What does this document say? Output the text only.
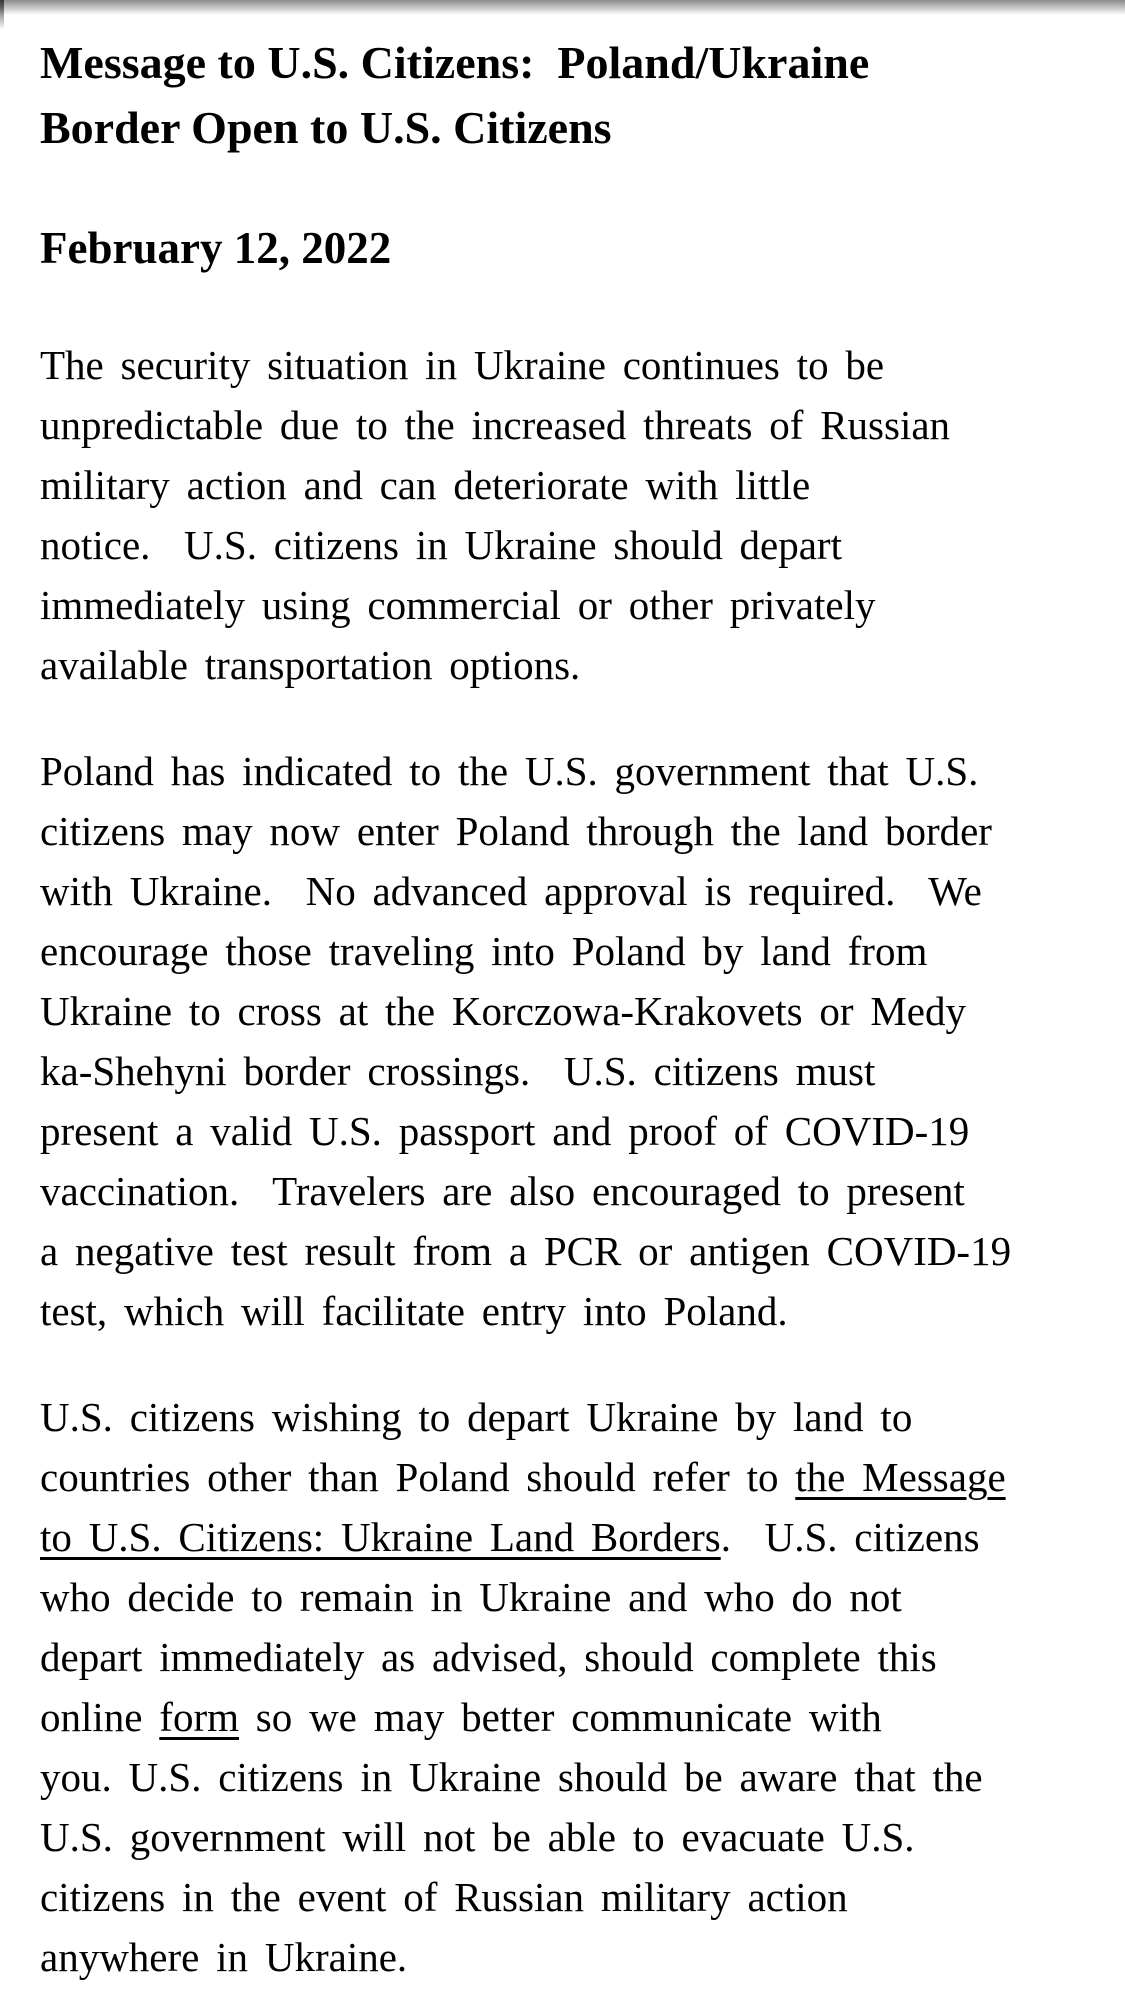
Message to U.S. Citizens:  Poland/Ukraine
Border Open to U.S. Citizens
February 12, 2022
The security situation in Ukraine continues to be
unpredictable due to the increased threats of Russian
military action and can deteriorate with little
notice.  U.S. citizens in Ukraine should depart
immediately using commercial or other privately
available transportation options.
Poland has indicated to the U.S. government that U.S.
citizens may now enter Poland through the land border
with Ukraine.  No advanced approval is required.  We
encourage those traveling into Poland by land from
Ukraine to cross at the Korczowa-Krakovets or Medy
ka-Shehyni border crossings.  U.S. citizens must
present a valid U.S. passport and proof of COVID-19
vaccination.  Travelers are also encouraged to present
a negative test result from a PCR or antigen COVID-19
test, which will facilitate entry into Poland.
U.S. citizens wishing to depart Ukraine by land to
countries other than Poland should refer to the Message
to U.S. Citizens: Ukraine Land Borders.  U.S. citizens
who decide to remain in Ukraine and who do not
depart immediately as advised, should complete this
online form so we may better communicate with
you. U.S. citizens in Ukraine should be aware that the
U.S. government will not be able to evacuate U.S.
citizens in the event of Russian military action
anywhere in Ukraine.
